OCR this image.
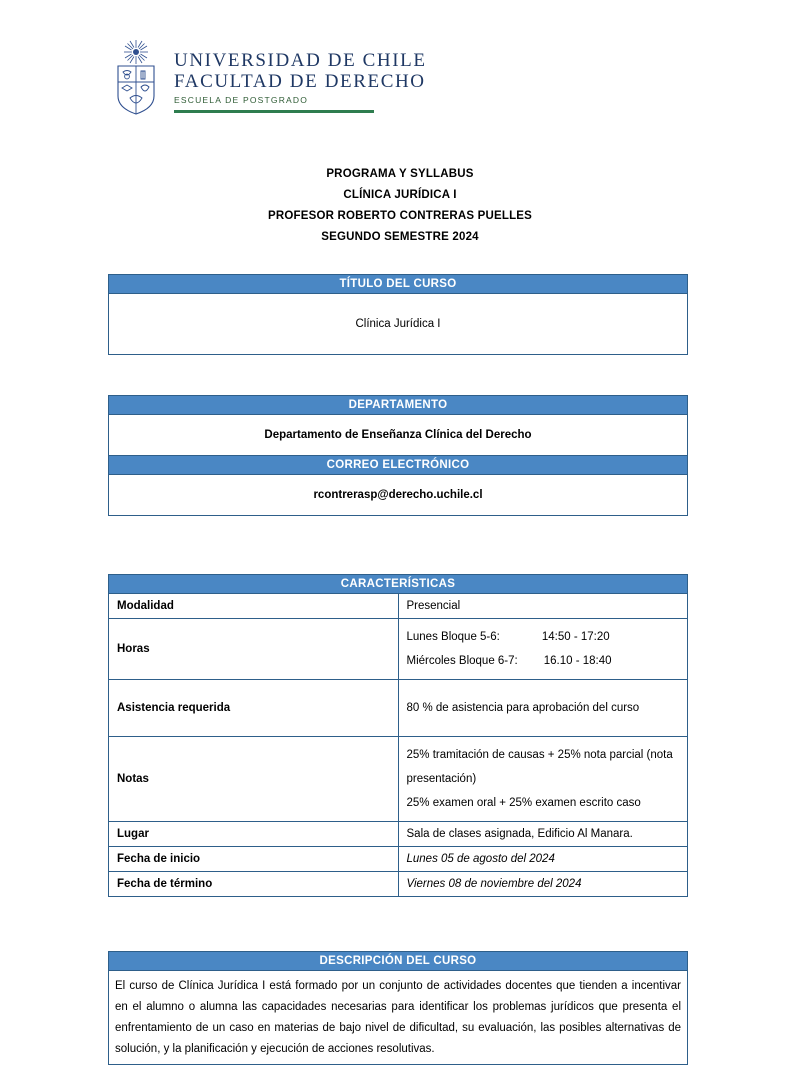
UNIVERSIDAD DE CHILE
FACULTAD DE DERECHO
ESCUELA DE POSTGRADO
PROGRAMA Y SYLLABUS
CLÍNICA JURÍDICA I
PROFESOR ROBERTO CONTRERAS PUELLES
SEGUNDO SEMESTRE 2024
TÍTULO DEL CURSO
Clínica Jurídica I
DEPARTAMENTO
Departamento de Enseñanza Clínica del Derecho
CORREO ELECTRÓNICO
rcontrerasp@derecho.uchile.cl
CARACTERÍSTICAS	
Modalidad	Presencial
Horas	Lunes Bloque 5-6: 14:50 - 17:20
Miércoles Bloque 6-7: 16.10 - 18:40

Asistencia requerida	80 % de asistencia para aprobación del curso
Notas	25% tramitación de causas + 25% nota parcial (nota presentación)
25% examen oral + 25% examen escrito caso

Lugar	Sala de clases asignada, Edificio Al Manara.
Fecha de inicio	Lunes 05 de agosto del 2024
Fecha de término	Viernes 08 de noviembre del 2024
DESCRIPCIÓN DEL CURSO
El curso de Clínica Jurídica I está formado por un conjunto de actividades docentes que tienden a incentivar en el alumno o alumna las capacidades necesarias para identificar los problemas jurídicos que presenta el enfrentamiento de un caso en materias de bajo nivel de dificultad, su evaluación, las posibles alternativas de solución, y la planificación y ejecución de acciones resolutivas.
